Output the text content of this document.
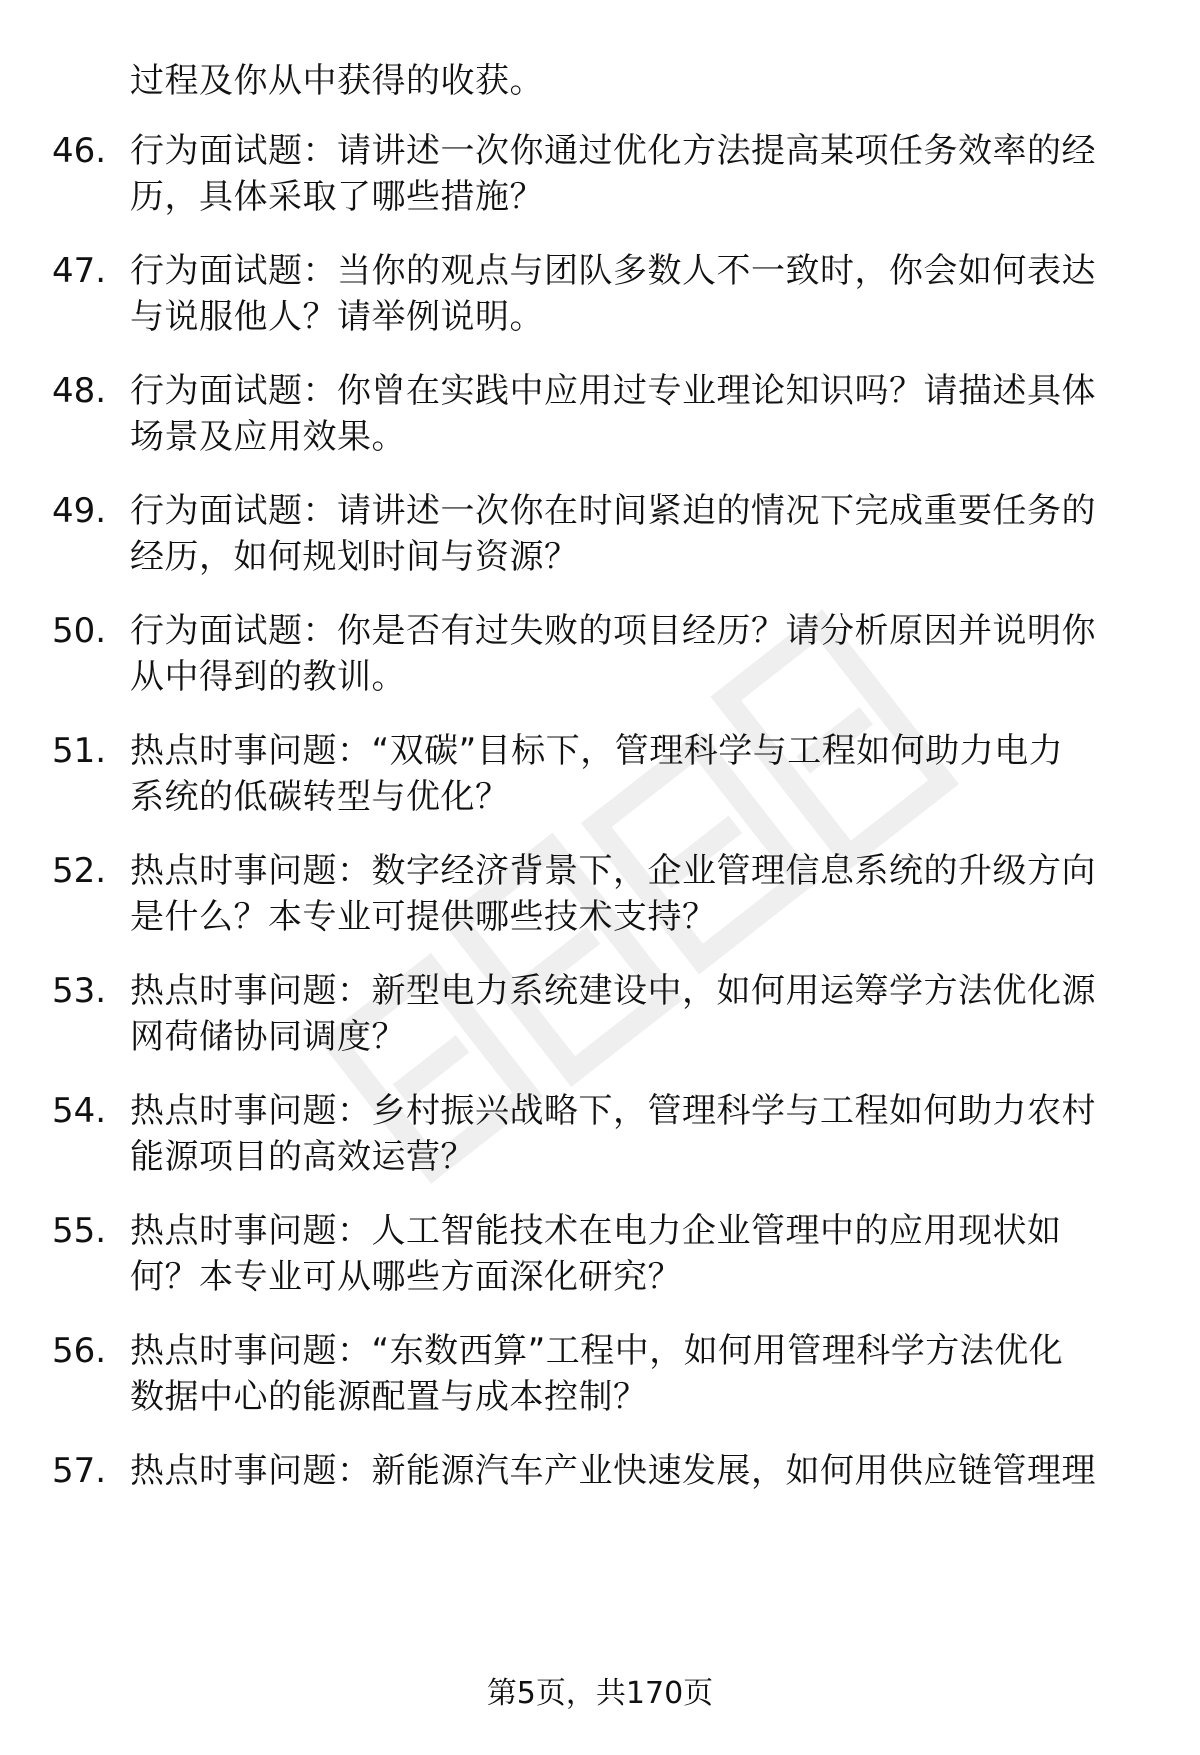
过程及你从中获得的收获。
46. 行为面试题：请讲述一次你通过优化方法提高某项任务效率的经
历，具体采取了哪些措施？
47. 行为面试题：当你的观点与团队多数人不一致时，你会如何表达
与说服他人？请举例说明。
48. 行为面试题：你曾在实践中应用过专业理论知识吗？请描述具体
场景及应用效果。
49. 行为面试题：请讲述一次你在时间紧迫的情况下完成重要任务的
经历，如何规划时间与资源？
50. 行为面试题：你是否有过失败的项目经历？请分析原因并说明你
从中得到的教训。
51. 热点时事问题：“双碳”目标下，管理科学与工程如何助力电力
系统的低碳转型与优化？
52. 热点时事问题：数字经济背景下，企业管理信息系统的升级方向
是什么？本专业可提供哪些技术支持？
53. 热点时事问题：新型电力系统建设中，如何用运筹学方法优化源
网荷储协同调度？
54. 热点时事问题：乡村振兴战略下，管理科学与工程如何助力农村
能源项目的高效运营？
55. 热点时事问题：人工智能技术在电力企业管理中的应用现状如
何？本专业可从哪些方面深化研究？
56. 热点时事问题：“东数西算”工程中，如何用管理科学方法优化
数据中心的能源配置与成本控制？
57. 热点时事问题：新能源汽车产业快速发展，如何用供应链管理理
第5页，共170页
